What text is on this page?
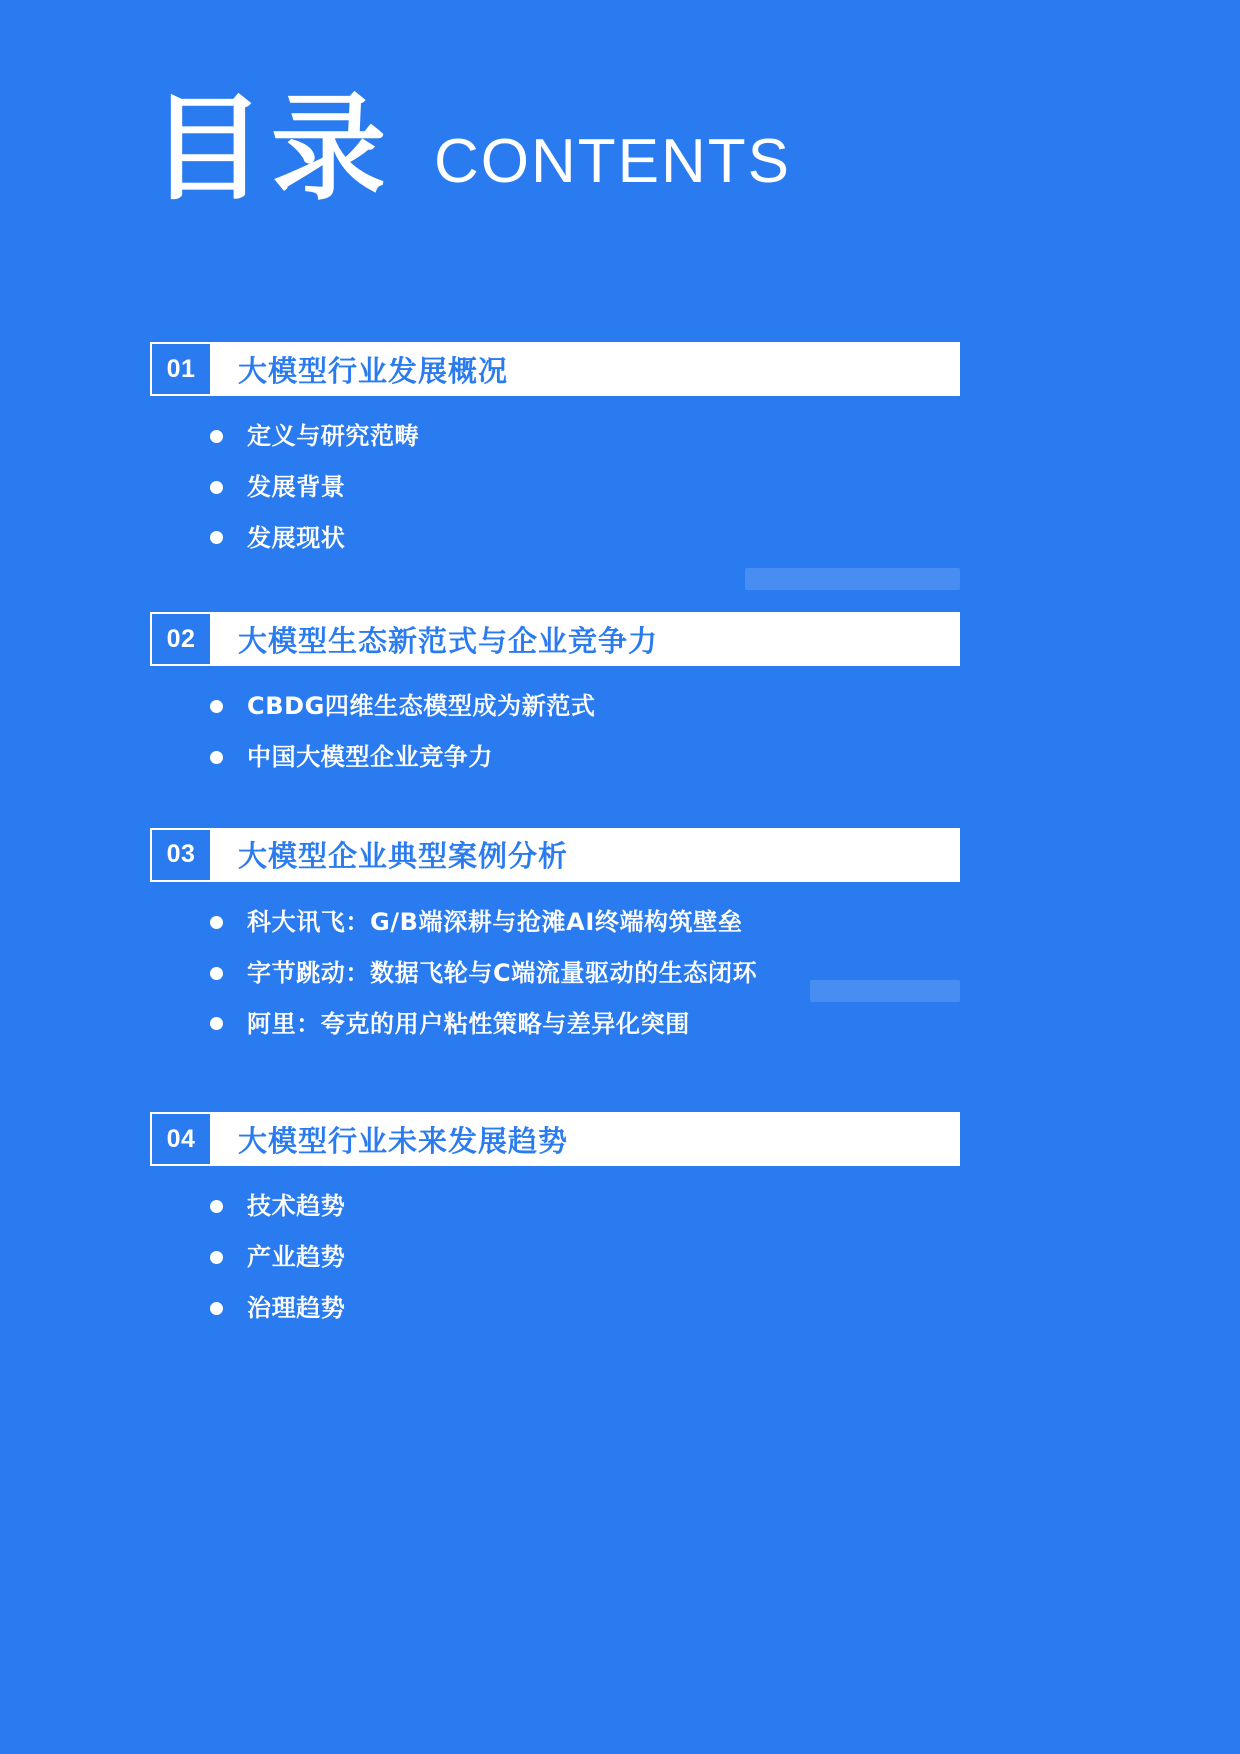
目录 CONTENTS
01	大模型行业发展概况
定义与研究范畴
发展背景
发展现状
02	大模型生态新范式与企业竞争力
CBDG四维生态模型成为新范式
中国大模型企业竞争力
03	大模型企业典型案例分析
科大讯飞：G/B端深耕与抢滩AI终端构筑壁垒
字节跳动：数据飞轮与C端流量驱动的生态闭环
阿里：夸克的用户粘性策略与差异化突围
04	大模型行业未来发展趋势
技术趋势
产业趋势
治理趋势
